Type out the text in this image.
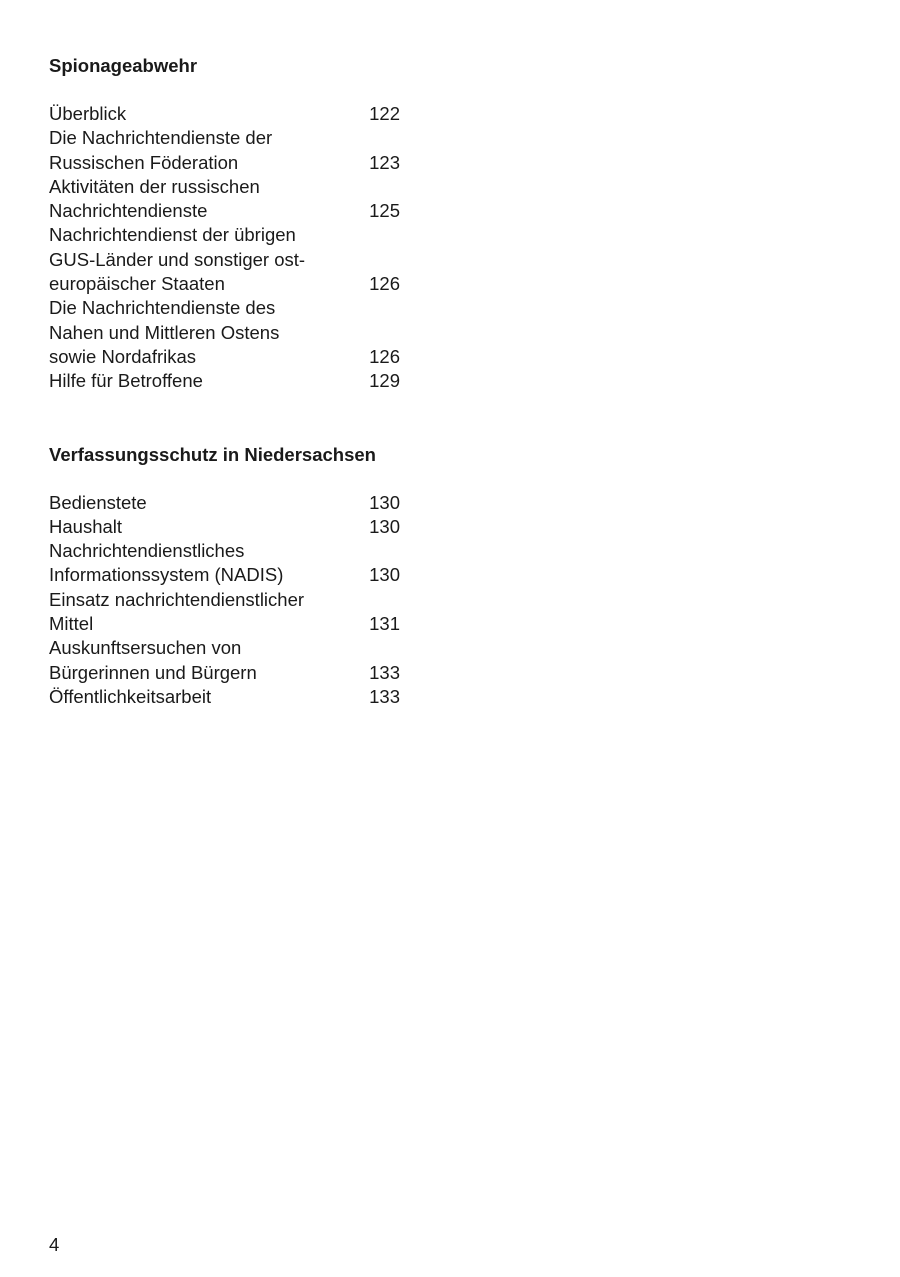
Spionageabwehr
Überblick	122
Die Nachrichtendienste der
Russischen Föderation	123
Aktivitäten der russischen
Nachrichtendienste	125
Nachrichtendienst der übrigen
GUS-Länder und sonstiger ost-
europäischer Staaten	126
Die Nachrichtendienste des
Nahen und Mittleren Ostens
sowie Nordafrikas	126
Hilfe für Betroffene	129
Verfassungsschutz in Niedersachsen
Bedienstete	130
Haushalt	130
Nachrichtendienstliches
Informationssystem (NADIS)	130
Einsatz nachrichtendienstlicher
Mittel	131
Auskunftsersuchen von
Bürgerinnen und Bürgern	133
Öffentlichkeitsarbeit	133
4
